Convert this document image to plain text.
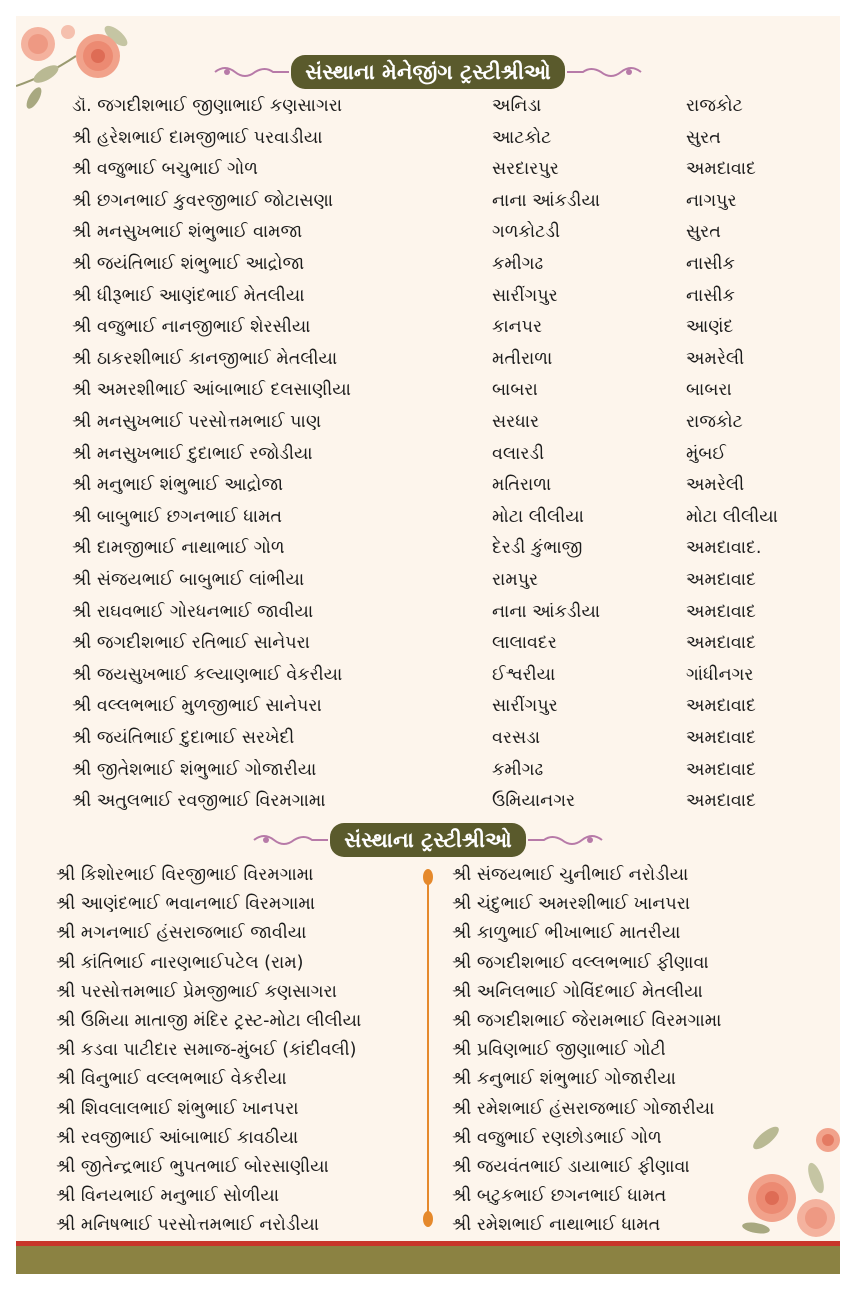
સંસ્થાના મેનેજીંગ ટ્રસ્ટીશ્રીઓ
ડૉ. જગદીશભાઈ જીણાભાઈ કણસાગરા	અનિડા	રાજકોટ
શ્રી હરેશભાઈ દામજીભાઈ પરવાડીયા	આટકોટ	સુરત
શ્રી વજુભાઈ બચુભાઈ ગોળ	સરદારપુર	અમદાવાદ
શ્રી છગનભાઈ કુવરજીભાઈ જોટાસણા	નાના આંકડીયા	નાગપુર
શ્રી મનસુખભાઈ શંભુભાઈ વામજા	ગળકોટડી	સુરત
શ્રી જયંતિભાઈ શંભુભાઈ આદ્રોજા	કમીગઢ	નાસીક
શ્રી ધીરૂભાઈ આણંદભાઈ મેતલીયા	સારીંગપુર	નાસીક
શ્રી વજુભાઈ નાનજીભાઈ શેરસીયા	કાનપર	આણંદ
શ્રી ઠાકરશીભાઈ કાનજીભાઈ મેતલીયા	મતીરાળા	અમરેલી
શ્રી અમરશીભાઈ આંબાભાઈ દલસાણીયા	બાબરા	બાબરા
શ્રી મનસુખભાઈ પરસોત્તમભાઈ પાણ	સરધાર	રાજકોટ
શ્રી મનસુખભાઈ દુદાભાઈ રજોડીયા	વલારડી	મુંબઈ
શ્રી મનુભાઈ શંભુભાઈ આદ્રોજા	મતિરાળા	અમરેલી
શ્રી બાબુભાઈ છગનભાઈ ધામત	મોટા લીલીયા	મોટા લીલીયા
શ્રી દામજીભાઈ નાથાભાઈ ગોળ	દેરડી કુંભાજી	અમદાવાદ.
શ્રી સંજયભાઈ બાબુભાઈ લાંભીયા	રામપુર	અમદાવાદ
શ્રી રાઘવભાઈ ગોરધનભાઈ જાવીયા	નાના આંકડીયા	અમદાવાદ
શ્રી જગદીશભાઈ રતિભાઈ સાનેપરા	લાલાવદર	અમદાવાદ
શ્રી જયસુખભાઈ કલ્યાણભાઈ વેકરીયા	ઈશ્વરીયા	ગાંધીનગર
શ્રી વલ્લભભાઈ મુળજીભાઈ સાનેપરા	સારીંગપુર	અમદાવાદ
શ્રી જયંતિભાઈ દુદાભાઈ સરખેદી	વરસડા	અમદાવાદ
શ્રી જીતેશભાઈ શંભુભાઈ ગોજારીયા	કમીગઢ	અમદાવાદ
શ્રી અતુલભાઈ રવજીભાઈ વિરમગામા	ઉમિયાનગર	અમદાવાદ
સંસ્થાના ટ્રસ્ટીશ્રીઓ
શ્રી કિશોરભાઈ વિરજીભાઈ વિરમગામા
શ્રી આણંદભાઈ ભવાનભાઈ વિરમગામા
શ્રી મગનભાઈ હંસરાજભાઈ જાવીયા
શ્રી કાંતિભાઈ નારણભાઈપટેલ (રામ)
શ્રી પરસોત્તમભાઈ પ્રેમજીભાઈ કણસાગરા
શ્રી ઉમિયા માતાજી મંદિર ટ્રસ્ટ-મોટા લીલીયા
શ્રી કડવા પાટીદાર સમાજ-મુંબઈ (કાંદીવલી)
શ્રી વિનુભાઈ વલ્લભભાઈ વેકરીયા
શ્રી શિવલાલભાઈ શંભુભાઈ ખાનપરા
શ્રી રવજીભાઈ આંબાભાઈ કાવઠીયા
શ્રી જીતેન્દ્રભાઈ ભુપતભાઈ બોરસાણીયા
શ્રી વિનયભાઈ મનુભાઈ સોળીયા
શ્રી મનિષભાઈ પરસોત્તમભાઈ નરોડીયા
શ્રી સંજયભાઈ ચુનીભાઈ નરોડીયા
શ્રી ચંદુભાઈ અમરશીભાઈ ખાનપરા
શ્રી કાળુભાઈ ભીખાભાઈ માતરીયા
શ્રી જગદીશભાઈ વલ્લભભાઈ ફીણાવા
શ્રી અનિલભાઈ ગોવિંદભાઈ મેતલીયા
શ્રી જગદીશભાઈ જેરામભાઈ વિરમગામા
શ્રી પ્રવિણભાઈ જીણાભાઈ ગોટી
શ્રી કનુભાઈ શંભુભાઈ ગોજારીયા
શ્રી રમેશભાઈ હંસરાજભાઈ ગોજારીયા
શ્રી વજુભાઈ રણછોડભાઈ ગોળ
શ્રી જયવંતભાઈ ડાયાભાઈ ફીણાવા
શ્રી બટુકભાઈ છગનભાઈ ધામત
શ્રી રમેશભાઈ નાથાભાઈ ધામત
